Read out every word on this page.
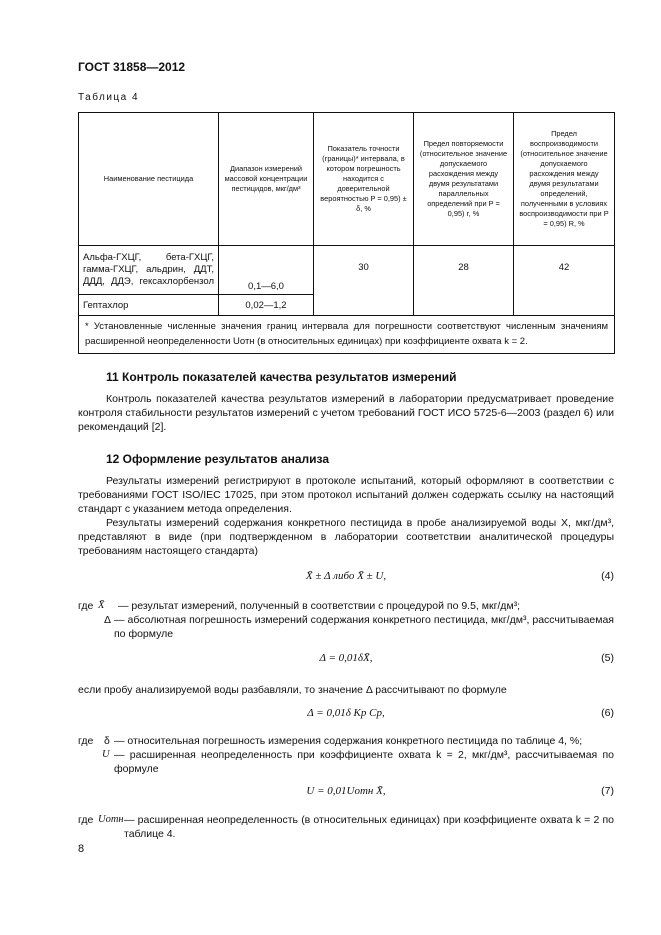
ГОСТ 31858—2012
Таблица 4
Наименование пестицида	Диапазон измерений массовой концентрации пестицидов, мкг/дм³	Показатель точности (границы)* интервала, в котором погрешность находится с доверительной вероятностью P = 0,95) ± δ, %	Предел повторяемости (относительное значение допускаемого расхождения между двумя результатами параллельных определений при P = 0,95) r, %	Предел воспроизводимости (относительное значение допускаемого расхождения между двумя результатами определений, полученными в условиях воспроизводимости при P = 0,95) R, %
Альфа-ГХЦГ, бета-ГХЦГ, гамма-ГХЦГ, альдрин, ДДТ, ДДД, ДДЭ, гексахлорбензол	0,1—6,0	30	28	42
Гептахлор	0,02—1,2			
* Установленные численные значения границ интервала для погрешности соответствуют численным значениям расширенной неопределенности Uотн (в относительных единицах) при коэффициенте охвата k = 2.				
11 Контроль показателей качества результатов измерений

Контроль показателей качества результатов измерений в лаборатории предусматривает проведение контроля стабильности результатов измерений с учетом требований ГОСТ ИСО 5725-6—2003 (раздел 6) или рекомендаций [2].

12 Оформление результатов анализа

Результаты измерений регистрируют в протоколе испытаний, который оформляют в соответствии с требованиями ГОСТ ISO/IEC 17025, при этом протокол испытаний должен содержать ссылку на настоящий стандарт с указанием метода определения.

Результаты измерений содержания конкретного пестицида в пробе анализируемой воды X, мкг/дм³, представляют в виде (при подтвержденном в лаборатории соответствии аналитической процедуры требованиям настоящего стандарта)

X̄ ± Δ либо X̄ ± U,	(4)
где X̄ — результат измерений, полученный в соответствии с процедурой по 9.5, мкг/дм³;
Δ — абсолютная погрешность измерений содержания конкретного пестицида, мкг/дм³, рассчитываемая по формуле
Δ = 0,01δX̄,	(5)

если пробу анализируемой воды разбавляли, то значение Δ рассчитывают по формуле

Δ = 0,01δ Kp Cp,	(6)
где δ — относительная погрешность измерения содержания конкретного пестицида по таблице 4, %;
U — расширенная неопределенность при коэффициенте охвата k = 2, мкг/дм³, рассчитываемая по формуле
U = 0,01Uотн X̄,	(7)
где Uотн — расширенная неопределенность (в относительных единицах) при коэффициенте охвата k = 2 по таблице 4.
8
